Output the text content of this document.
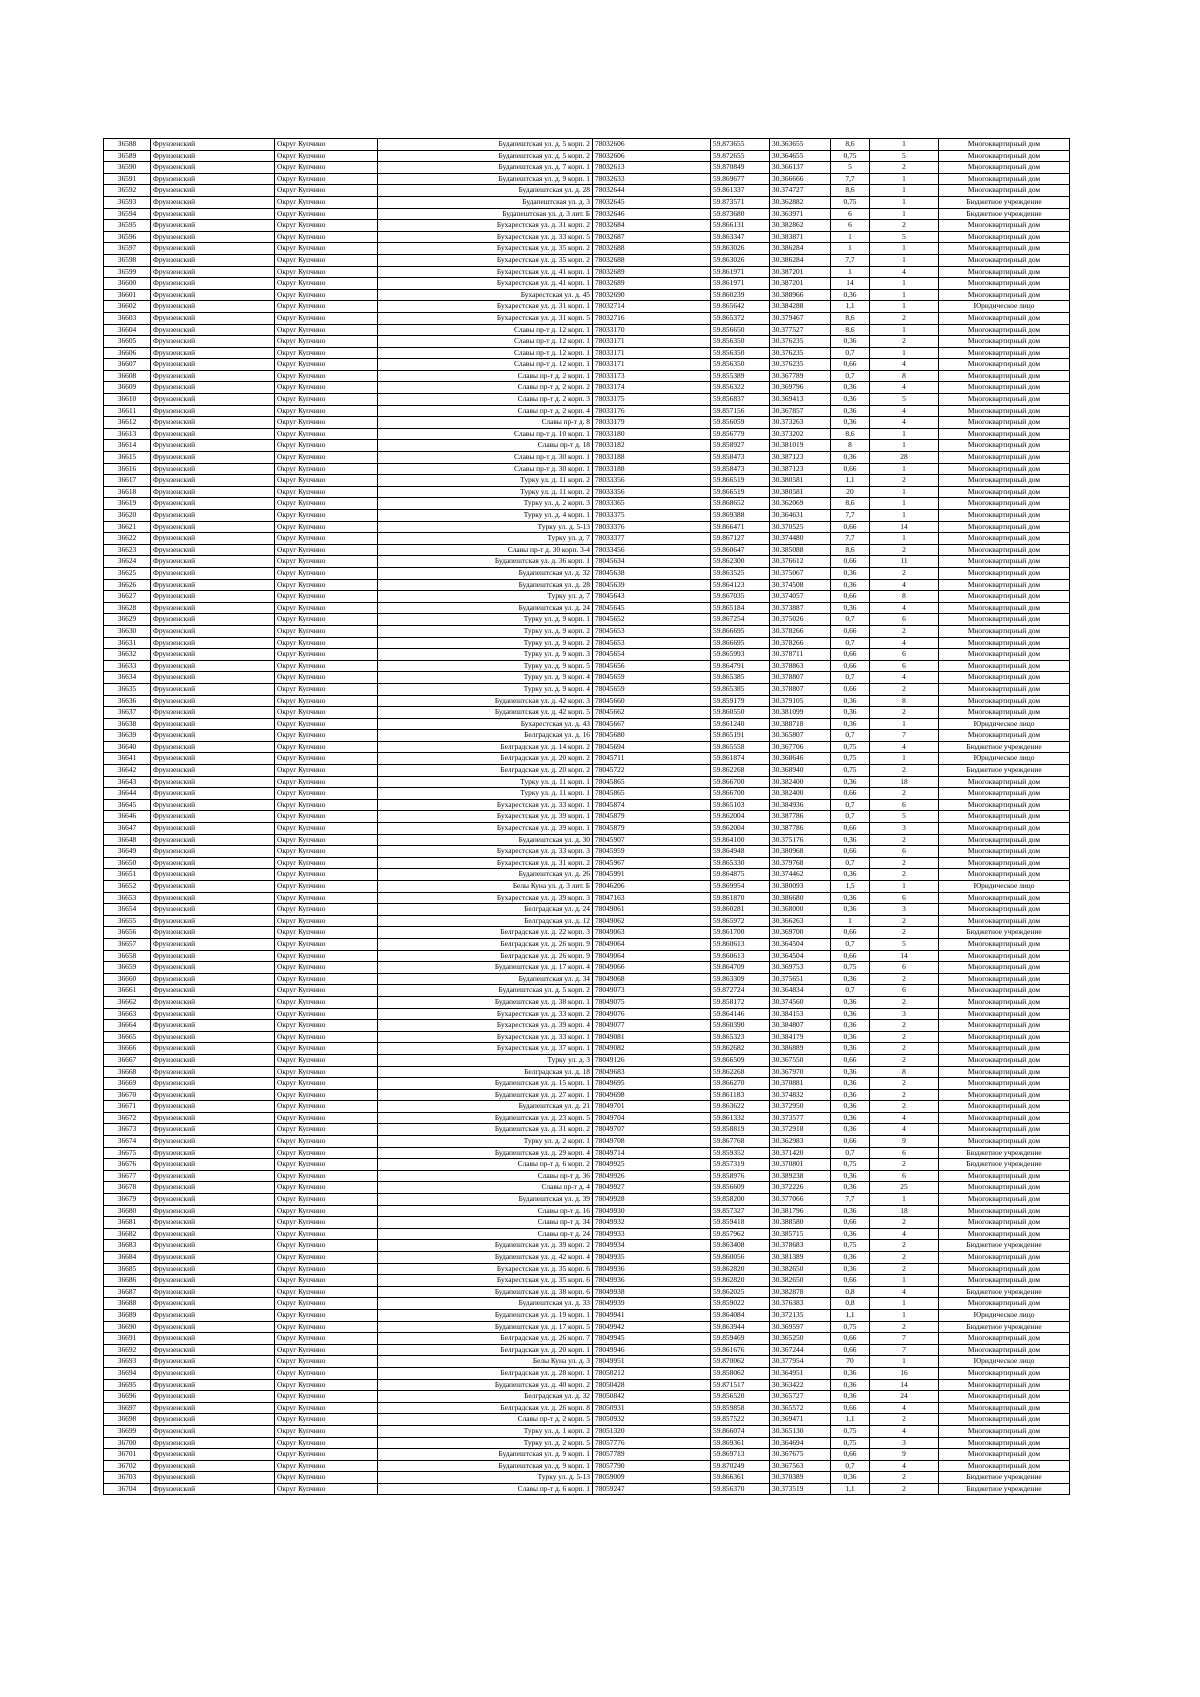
36588	Фрунзенский	Округ Купчино	Будапештская ул. д. 5 корп. 2	78032606	59.873655	30.363655	8,6	1	Многоквартирный дом
36589	Фрунзенский	Округ Купчино	Будапештская ул. д. 5 корп. 2	78032606	59.872655	30.364655	0,75	5	Многоквартирный дом
36590	Фрунзенский	Округ Купчино	Будапештская ул. д. 7 корп. 1	78032613	59.870849	30.366137	5	2	Многоквартирный дом
36591	Фрунзенский	Округ Купчино	Будапештская ул. д. 9 корп. 1	78032633	59.869677	30.366666	7,7	1	Многоквартирный дом
36592	Фрунзенский	Округ Купчино	Будапештская ул. д. 28	78032644	59.861337	30.374727	8,6	1	Многоквартирный дом
36593	Фрунзенский	Округ Купчино	Будапештская ул. д. 3	78032645	59.873571	30.362882	0,75	1	Бюджетное учреждение
36594	Фрунзенский	Округ Купчино	Будапештская ул. д. 3 лит. Б	78032646	59.873680	30.363971	6	1	Бюджетное учреждение
36595	Фрунзенский	Округ Купчино	Бухарестская ул. д. 31 корп. 2	78032684	59.866131	30.382862	6	2	Многоквартирный дом
36596	Фрунзенский	Округ Купчино	Бухарестская ул. д. 33 корп. 5	78032687	59.863347	30.383871	1	5	Многоквартирный дом
36597	Фрунзенский	Округ Купчино	Бухарестская ул. д. 35 корп. 2	78032688	59.863026	30.386284	1	1	Многоквартирный дом
36598	Фрунзенский	Округ Купчино	Бухарестская ул. д. 35 корп. 2	78032688	59.863026	30.386284	7,7	1	Многоквартирный дом
36599	Фрунзенский	Округ Купчино	Бухарестская ул. д. 41 корп. 1	78032689	59.861971	30.387201	1	4	Многоквартирный дом
36600	Фрунзенский	Округ Купчино	Бухарестская ул. д. 41 корп. 1	78032689	59.861971	30.387201	14	1	Многоквартирный дом
36601	Фрунзенский	Округ Купчино	Бухарестская ул. д. 45	78032690	59.860239	30.388966	0,36	1	Многоквартирный дом
36602	Фрунзенский	Округ Купчино	Бухарестская ул. д. 31 корп. 1	78032714	59.865642	30.384288	1,1	1	Юридическое лицо
36603	Фрунзенский	Округ Купчино	Бухарестская ул. д. 31 корп. 5	78032716	59.865372	30.379467	8,6	2	Многоквартирный дом
36604	Фрунзенский	Округ Купчино	Славы пр-т д. 12 корп. 1	78033170	59.856650	30.377527	8,6	1	Многоквартирный дом
36605	Фрунзенский	Округ Купчино	Славы пр-т д. 12 корп. 1	78033171	59.856350	30.376235	0,36	2	Многоквартирный дом
36606	Фрунзенский	Округ Купчино	Славы пр-т д. 12 корп. 1	78033171	59.856350	30.376235	0,7	1	Многоквартирный дом
36607	Фрунзенский	Округ Купчино	Славы пр-т д. 12 корп. 1	78033171	59.856350	30.376235	0,66	4	Многоквартирный дом
36608	Фрунзенский	Округ Купчино	Славы пр-т д. 2 корп. 1	78033173	59.855389	30.367789	0,7	8	Многоквартирный дом
36609	Фрунзенский	Округ Купчино	Славы пр-т д. 2 корп. 2	78033174	59.856322	30.369796	0,36	4	Многоквартирный дом
36610	Фрунзенский	Округ Купчино	Славы пр-т д. 2 корп. 3	78033175	59.856837	30.369413	0,36	5	Многоквартирный дом
36611	Фрунзенский	Округ Купчино	Славы пр-т д. 2 корп. 4	78033176	59.857156	30.367857	0,36	4	Многоквартирный дом
36612	Фрунзенский	Округ Купчино	Славы пр-т д. 8	78033179	59.856059	30.373263	0,36	4	Многоквартирный дом
36613	Фрунзенский	Округ Купчино	Славы пр-т д. 10 корп. 1	78033180	59.856779	30.373202	8,6	1	Многоквартирный дом
36614	Фрунзенский	Округ Купчино	Славы пр-т д. 18	78033182	59.858927	30.381019	8	1	Многоквартирный дом
36615	Фрунзенский	Округ Купчино	Славы пр-т д. 30 корп. 1	78033188	59.858473	30.387123	0,36	28	Многоквартирный дом
36616	Фрунзенский	Округ Купчино	Славы пр-т д. 30 корп. 1	78033188	59.858473	30.387123	0,66	1	Многоквартирный дом
36617	Фрунзенский	Округ Купчино	Турку ул. д. 11 корп. 2	78033356	59.866519	30.380581	1,1	2	Многоквартирный дом
36618	Фрунзенский	Округ Купчино	Турку ул. д. 11 корп. 2	78033356	59.866519	30.380581	20	1	Многоквартирный дом
36619	Фрунзенский	Округ Купчино	Турку ул. д. 2 корп. 3	78033365	59.868652	30.362069	8,6	1	Многоквартирный дом
36620	Фрунзенский	Округ Купчино	Турку ул. д. 4 корп. 1	78033375	59.869388	30.364631	7,7	1	Многоквартирный дом
36621	Фрунзенский	Округ Купчино	Турку ул. д. 5-13	78033376	59.866471	30.370525	0,66	14	Многоквартирный дом
36622	Фрунзенский	Округ Купчино	Турку ул. д. 7	78033377	59.867127	30.374480	7,7	1	Многоквартирный дом
36623	Фрунзенский	Округ Купчино	Славы пр-т д. 30 корп. 3-4	78033456	59.860647	30.385088	8,6	2	Многоквартирный дом
36624	Фрунзенский	Округ Купчино	Будапештская ул. д. 36 корп. 1	78045634	59.862300	30.376612	0,66	11	Многоквартирный дом
36625	Фрунзенский	Округ Купчино	Будапештская ул. д. 32	78045638	59.863525	30.375067	0,36	2	Многоквартирный дом
36626	Фрунзенский	Округ Купчино	Будапештская ул. д. 28	78045639	59.864123	30.374508	0,36	4	Многоквартирный дом
36627	Фрунзенский	Округ Купчино	Турку ул. д. 7	78045643	59.867035	30.374057	0,66	8	Многоквартирный дом
36628	Фрунзенский	Округ Купчино	Будапештская ул. д. 24	78045645	59.865184	30.373887	0,36	4	Многоквартирный дом
36629	Фрунзенский	Округ Купчино	Турку ул. д. 9 корп. 1	78045652	59.867254	30.375026	0,7	6	Многоквартирный дом
36630	Фрунзенский	Округ Купчино	Турку ул. д. 9 корп. 2	78045653	59.866695	30.378266	0,66	2	Многоквартирный дом
36631	Фрунзенский	Округ Купчино	Турку ул. д. 9 корп. 2	78045653	59.866695	30.378266	0,7	4	Многоквартирный дом
36632	Фрунзенский	Округ Купчино	Турку ул. д. 9 корп. 3	78045654	59.865993	30.378711	0,66	6	Многоквартирный дом
36633	Фрунзенский	Округ Купчино	Турку ул. д. 9 корп. 5	78045656	59.864791	30.378863	0,66	6	Многоквартирный дом
36634	Фрунзенский	Округ Купчино	Турку ул. д. 9 корп. 4	78045659	59.865385	30.378807	0,7	4	Многоквартирный дом
36635	Фрунзенский	Округ Купчино	Турку ул. д. 9 корп. 4	78045659	59.865385	30.378807	0,66	2	Многоквартирный дом
36636	Фрунзенский	Округ Купчино	Будапештская ул. д. 42 корп. 3	78045660	59.859179	30.379105	0,36	8	Многоквартирный дом
36637	Фрунзенский	Округ Купчино	Будапештская ул. д. 42 корп. 5	78045662	59.860550	30.381099	0,36	2	Многоквартирный дом
36638	Фрунзенский	Округ Купчино	Бухарестская ул. д. 43	78045667	59.861240	30.388718	0,36	1	Юридическое лицо
36639	Фрунзенский	Округ Купчино	Белградская ул. д. 16	78045680	59.865191	30.365807	0,7	7	Многоквартирный дом
36640	Фрунзенский	Округ Купчино	Белградская ул. д. 14 корп. 2	78045694	59.865558	30.367706	0,75	4	Бюджетное учреждение
36641	Фрунзенский	Округ Купчино	Белградская ул. д. 20 корп. 2	78045711	59.861874	30.368646	0,75	1	Юридическое лицо
36642	Фрунзенский	Округ Купчино	Белградская ул. д. 20 корп. 2	78045722	59.862268	30.368940	0,75	2	Бюджетное учреждение
36643	Фрунзенский	Округ Купчино	Турку ул. д. 11 корп. 1	78045865	59.866700	30.382400	0,36	18	Многоквартирный дом
36644	Фрунзенский	Округ Купчино	Турку ул. д. 11 корп. 1	78045865	59.866700	30.382400	0,66	2	Многоквартирный дом
36645	Фрунзенский	Округ Купчино	Бухарестская ул. д. 33 корп. 1	78045874	59.865103	30.384936	0,7	6	Многоквартирный дом
36646	Фрунзенский	Округ Купчино	Бухарестская ул. д. 39 корп. 1	78045879	59.862004	30.387786	0,7	5	Многоквартирный дом
36647	Фрунзенский	Округ Купчино	Бухарестская ул. д. 39 корп. 1	78045879	59.862004	30.387786	0,66	3	Многоквартирный дом
36648	Фрунзенский	Округ Купчино	Будапештская ул. д. 30	78045907	59.864100	30.375176	0,36	2	Многоквартирный дом
36649	Фрунзенский	Округ Купчино	Бухарестская ул. д. 33 корп. 3	78045959	59.864948	30.380968	0,66	6	Многоквартирный дом
36650	Фрунзенский	Округ Купчино	Бухарестская ул. д. 31 корп. 2	78045967	59.865330	30.379768	0,7	2	Многоквартирный дом
36651	Фрунзенский	Округ Купчино	Будапештская ул. д. 26	78045991	59.864875	30.374462	0,36	2	Многоквартирный дом
36652	Фрунзенский	Округ Купчино	Белы Куна ул. д. 3 лит. Б	78046206	59.869954	30.380093	1,5	1	Юридическое лицо
36653	Фрунзенский	Округ Купчино	Бухарестская ул. д. 39 корп. 3	78047163	59.861870	30.386680	0,36	6	Многоквартирный дом
36654	Фрунзенский	Округ Купчино	Белградская ул. д. 24	78049061	59.860281	30.368000	0,36	3	Многоквартирный дом
36655	Фрунзенский	Округ Купчино	Белградская ул. д. 12	78049062	59.865972	30.366263	1	2	Многоквартирный дом
36656	Фрунзенский	Округ Купчино	Белградская ул. д. 22 корп. 3	78049063	59.861700	30.369700	0,66	2	Бюджетное учреждение
36657	Фрунзенский	Округ Купчино	Белградская ул. д. 26 корп. 9	78049064	59.860613	30.364504	0,7	5	Многоквартирный дом
36658	Фрунзенский	Округ Купчино	Белградская ул. д. 26 корп. 9	78049064	59.860613	30.364504	0,66	14	Многоквартирный дом
36659	Фрунзенский	Округ Купчино	Будапештская ул. д. 17 корп. 4	78049066	59.864709	30.369753	0,75	6	Многоквартирный дом
36660	Фрунзенский	Округ Купчино	Будапештская ул. д. 34	78049068	59.863309	30.375651	0,36	2	Многоквартирный дом
36661	Фрунзенский	Округ Купчино	Будапештская ул. д. 5 корп. 2	78049073	59.872724	30.364834	0,7	6	Многоквартирный дом
36662	Фрунзенский	Округ Купчино	Будапештская ул. д. 38 корп. 1	78049075	59.858172	30.374560	0,36	2	Многоквартирный дом
36663	Фрунзенский	Округ Купчино	Бухарестская ул. д. 33 корп. 2	78049076	59.864146	30.384153	0,36	3	Многоквартирный дом
36664	Фрунзенский	Округ Купчино	Бухарестская ул. д. 39 корп. 4	78049077	59.860390	30.384807	0,36	2	Многоквартирный дом
36665	Фрунзенский	Округ Купчино	Бухарестская ул. д. 33 корп. 1	78049081	59.865323	30.384179	0,36	2	Многоквартирный дом
36666	Фрунзенский	Округ Купчино	Бухарестская ул. д. 37 корп. 1	78049082	59.862682	30.386889	0,36	2	Многоквартирный дом
36667	Фрунзенский	Округ Купчино	Турку ул. д. 3	78049126	59.866509	30.367550	0,66	2	Многоквартирный дом
36668	Фрунзенский	Округ Купчино	Белградская ул. д. 18	78049683	59.862268	30.367970	0,36	8	Многоквартирный дом
36669	Фрунзенский	Округ Купчино	Будапештская ул. д. 15 корп. 1	78049695	59.866270	30.370881	0,36	2	Многоквартирный дом
36670	Фрунзенский	Округ Купчино	Будапештская ул. д. 27 корп. 1	78049698	59.861183	30.374832	0,36	2	Многоквартирный дом
36671	Фрунзенский	Округ Купчино	Будапештская ул. д. 21	78049701	59.863622	30.372950	0,36	2	Многоквартирный дом
36672	Фрунзенский	Округ Купчино	Будапештская ул. д. 23 корп. 5	78049704	59.861332	30.373577	0,36	4	Многоквартирный дом
36673	Фрунзенский	Округ Купчино	Будапештская ул. д. 31 корп. 2	78049707	59.858819	30.372918	0,36	4	Многоквартирный дом
36674	Фрунзенский	Округ Купчино	Турку ул. д. 2 корп. 1	78049708	59.867768	30.362983	0,66	9	Многоквартирный дом
36675	Фрунзенский	Округ Купчино	Будапештская ул. д. 29 корп. 4	78049714	59.859352	30.371420	0,7	6	Бюджетное учреждение
36676	Фрунзенский	Округ Купчино	Славы пр-т д. 6 корп. 2	78049925	59.857319	30.370801	0,75	2	Бюджетное учреждение
36677	Фрунзенский	Округ Купчино	Славы пр-т д. 36	78049926	59.858976	30.389238	0,36	6	Многоквартирный дом
36678	Фрунзенский	Округ Купчино	Славы пр-т д. 4	78049927	59.856609	30.372226	0,36	25	Многоквартирный дом
36679	Фрунзенский	Округ Купчино	Будапештская ул. д. 39	78049928	59.858200	30.377066	7,7	1	Многоквартирный дом
36680	Фрунзенский	Округ Купчино	Славы пр-т д. 16	78049930	59.857327	30.381796	0,36	18	Многоквартирный дом
36681	Фрунзенский	Округ Купчино	Славы пр-т д. 34	78049932	59.859418	30.388580	0,66	2	Многоквартирный дом
36682	Фрунзенский	Округ Купчино	Славы пр-т д. 24	78049933	59.857962	30.385715	0,36	4	Многоквартирный дом
36683	Фрунзенский	Округ Купчино	Будапештская ул. д. 39 корп. 2	78049934	59.863408	30.378683	0,75	2	Бюджетное учреждение
36684	Фрунзенский	Округ Купчино	Будапештская ул. д. 42 корп. 4	78049935	59.860056	30.381389	0,36	2	Многоквартирный дом
36685	Фрунзенский	Округ Купчино	Бухарестская ул. д. 35 корп. 6	78049936	59.862820	30.382650	0,36	2	Многоквартирный дом
36686	Фрунзенский	Округ Купчино	Бухарестская ул. д. 35 корп. 6	78049936	59.862820	30.382650	0,66	1	Многоквартирный дом
36687	Фрунзенский	Округ Купчино	Будапештская ул. д. 38 корп. 6	78049938	59.862025	30.382878	0,8	4	Бюджетное учреждение
36688	Фрунзенский	Округ Купчино	Будапештская ул. д. 33	78049939	59.859022	30.376383	0,8	1	Многоквартирный дом
36689	Фрунзенский	Округ Купчино	Будапештская ул. д. 19 корп. 1	78049941	59.864084	30.372135	1,1	1	Юридическое лицо
36690	Фрунзенский	Округ Купчино	Будапештская ул. д. 17 корп. 5	78049942	59.863944	30.369597	0,75	2	Бюджетное учреждение
36691	Фрунзенский	Округ Купчино	Белградская ул. д. 26 корп. 7	78049945	59.859469	30.365250	0,66	7	Многоквартирный дом
36692	Фрунзенский	Округ Купчино	Белградская ул. д. 20 корп. 1	78049946	59.861676	30.367244	0,66	7	Многоквартирный дом
36693	Фрунзенский	Округ Купчино	Белы Куна ул. д. 3	78049951	59.870062	30.377954	70	1	Юридическое лицо
36694	Фрунзенский	Округ Купчино	Белградская ул. д. 28 корп. 1	78050212	59.858062	30.364951	0,36	16	Многоквартирный дом
36695	Фрунзенский	Округ Купчино	Будапештская ул. д. 40 корп. 2	78050428	59.871517	30.363422	0,36	14	Многоквартирный дом
36696	Фрунзенский	Округ Купчино	Белградская ул. д. 32	78050842	59.856520	30.365727	0,36	24	Многоквартирный дом
36697	Фрунзенский	Округ Купчино	Белградская ул. д. 26 корп. 8	78050931	59.859858	30.365572	0,66	4	Многоквартирный дом
36698	Фрунзенский	Округ Купчино	Славы пр-т д. 2 корп. 5	78050932	59.857522	30.369471	1,1	2	Многоквартирный дом
36699	Фрунзенский	Округ Купчино	Турку ул. д. 1 корп. 2	78051320	59.866074	30.365130	0,75	4	Многоквартирный дом
36700	Фрунзенский	Округ Купчино	Турку ул. д. 2 корп. 5	78057776	59.869361	30.364694	0,75	3	Многоквартирный дом
36701	Фрунзенский	Округ Купчино	Будапештская ул. д. 9 корп. 1	78057789	59.869713	30.367675	0,66	9	Многоквартирный дом
36702	Фрунзенский	Округ Купчино	Будапештская ул. д. 9 корп. 1	78057790	59.870249	30.367563	0,7	4	Многоквартирный дом
36703	Фрунзенский	Округ Купчино	Турку ул. д. 5-13	78059009	59.866361	30.370389	0,36	2	Бюджетное учреждение
36704	Фрунзенский	Округ Купчино	Славы пр-т д. 6 корп. 1	78059247	59.856370	30.373519	1,1	2	Бюджетное учреждение
